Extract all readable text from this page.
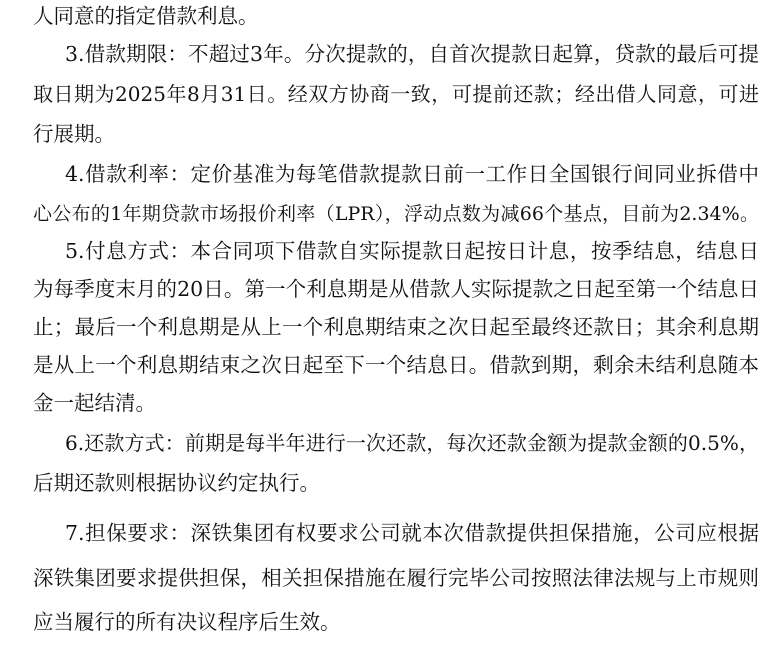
人同意的指定借款利息。

3.借款期限：不超过3年。分次提款的，自首次提款日起算，贷款的最后可提

取日期为2025年8月31日。经双方协商一致，可提前还款；经出借人同意，可进

行展期。

4.借款利率：定价基准为每笔借款提款日前一工作日全国银行间同业拆借中

心公布的1年期贷款市场报价利率（LPR），浮动点数为减66个基点，目前为2.34%。

5.付息方式：本合同项下借款自实际提款日起按日计息，按季结息，结息日

为每季度末月的20日。第一个利息期是从借款人实际提款之日起至第一个结息日

止；最后一个利息期是从上一个利息期结束之次日起至最终还款日；其余利息期

是从上一个利息期结束之次日起至下一个结息日。借款到期，剩余未结利息随本

金一起结清。

6.还款方式：前期是每半年进行一次还款，每次还款金额为提款金额的0.5%，

后期还款则根据协议约定执行。

7.担保要求：深铁集团有权要求公司就本次借款提供担保措施，公司应根据

深铁集团要求提供担保，相关担保措施在履行完毕公司按照法律法规与上市规则

应当履行的所有决议程序后生效。
